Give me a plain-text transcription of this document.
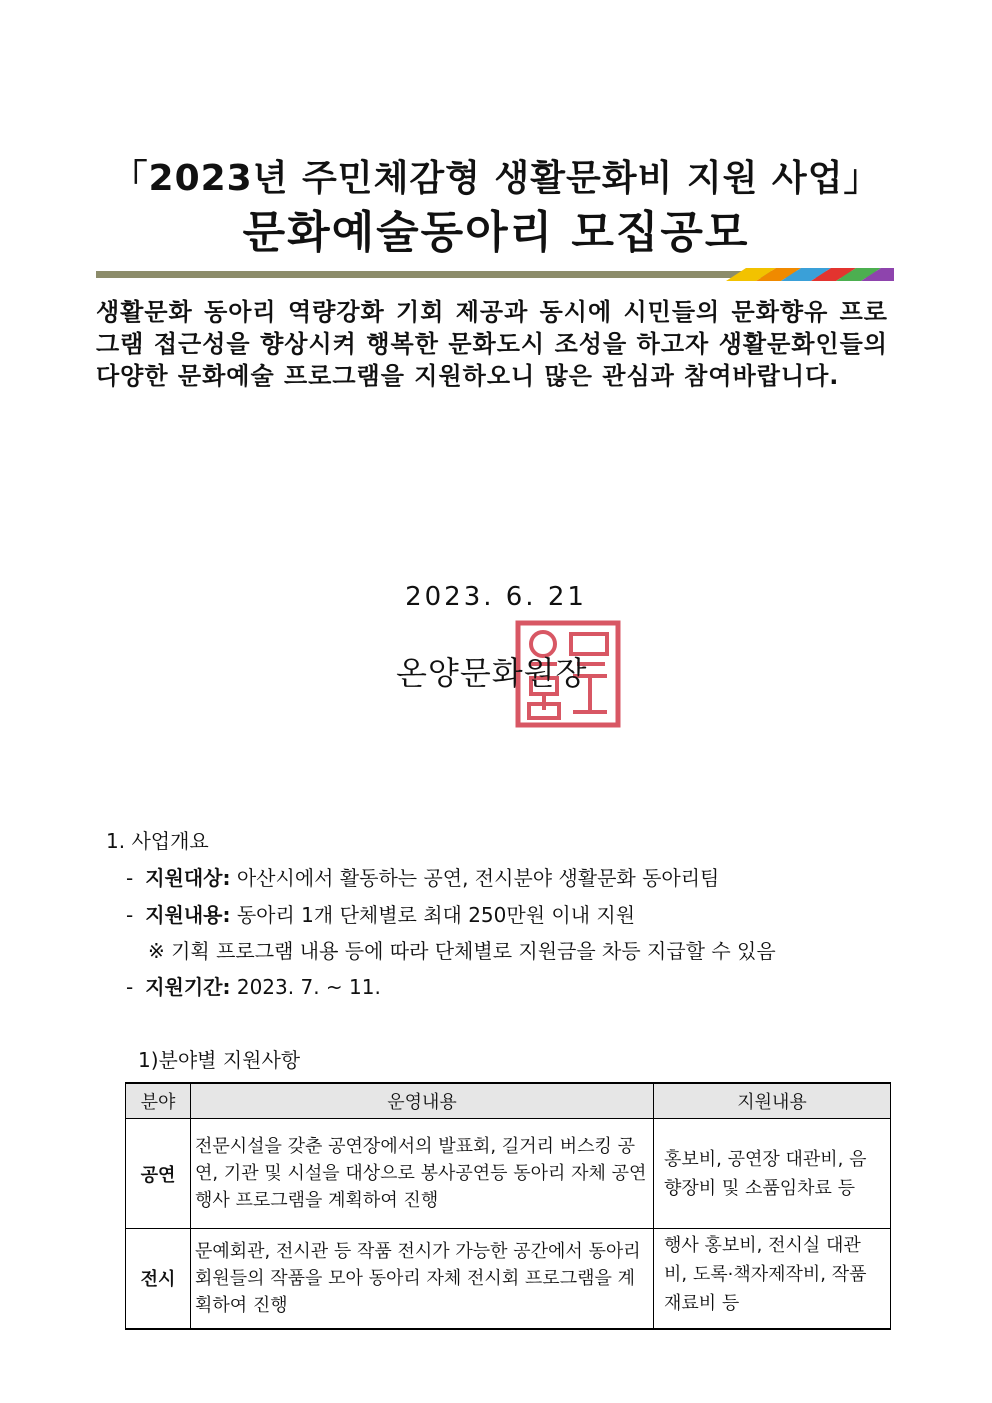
「2023년 주민체감형 생활문화비 지원 사업」
문화예술동아리 모집공모
생활문화 동아리 역량강화 기회 제공과 동시에 시민들의 문화향유 프로그램 접근성을 향상시켜 행복한 문화도시 조성을 하고자 생활문화인들의 다양한 문화예술 프로그램을 지원하오니 많은 관심과 참여바랍니다.
2023. 6. 21
온양문화원장
1. 사업개요
- 지원대상: 아산시에서 활동하는 공연, 전시분야 생활문화 동아리팀
- 지원내용: 동아리 1개 단체별로 최대 250만원 이내 지원
※ 기획 프로그램 내용 등에 따라 단체별로 지원금을 차등 지급할 수 있음
- 지원기간: 2023. 7. ~ 11.
1)분야별 지원사항
분야	운영내용	지원내용
공연	전문시설을 갖춘 공연장에서의 발표회, 길거리 버스킹 공연, 기관 및 시설을 대상으로 봉사공연등 동아리 자체 공연 행사 프로그램을 계획하여 진행	홍보비, 공연장 대관비, 음향장비 및 소품임차료 등
전시	문예회관, 전시관 등 작품 전시가 가능한 공간에서 동아리 회원들의 작품을 모아 동아리 자체 전시회 프로그램을 계획하여 진행	행사 홍보비, 전시실 대관비, 도록·책자제작비, 작품 재료비 등
